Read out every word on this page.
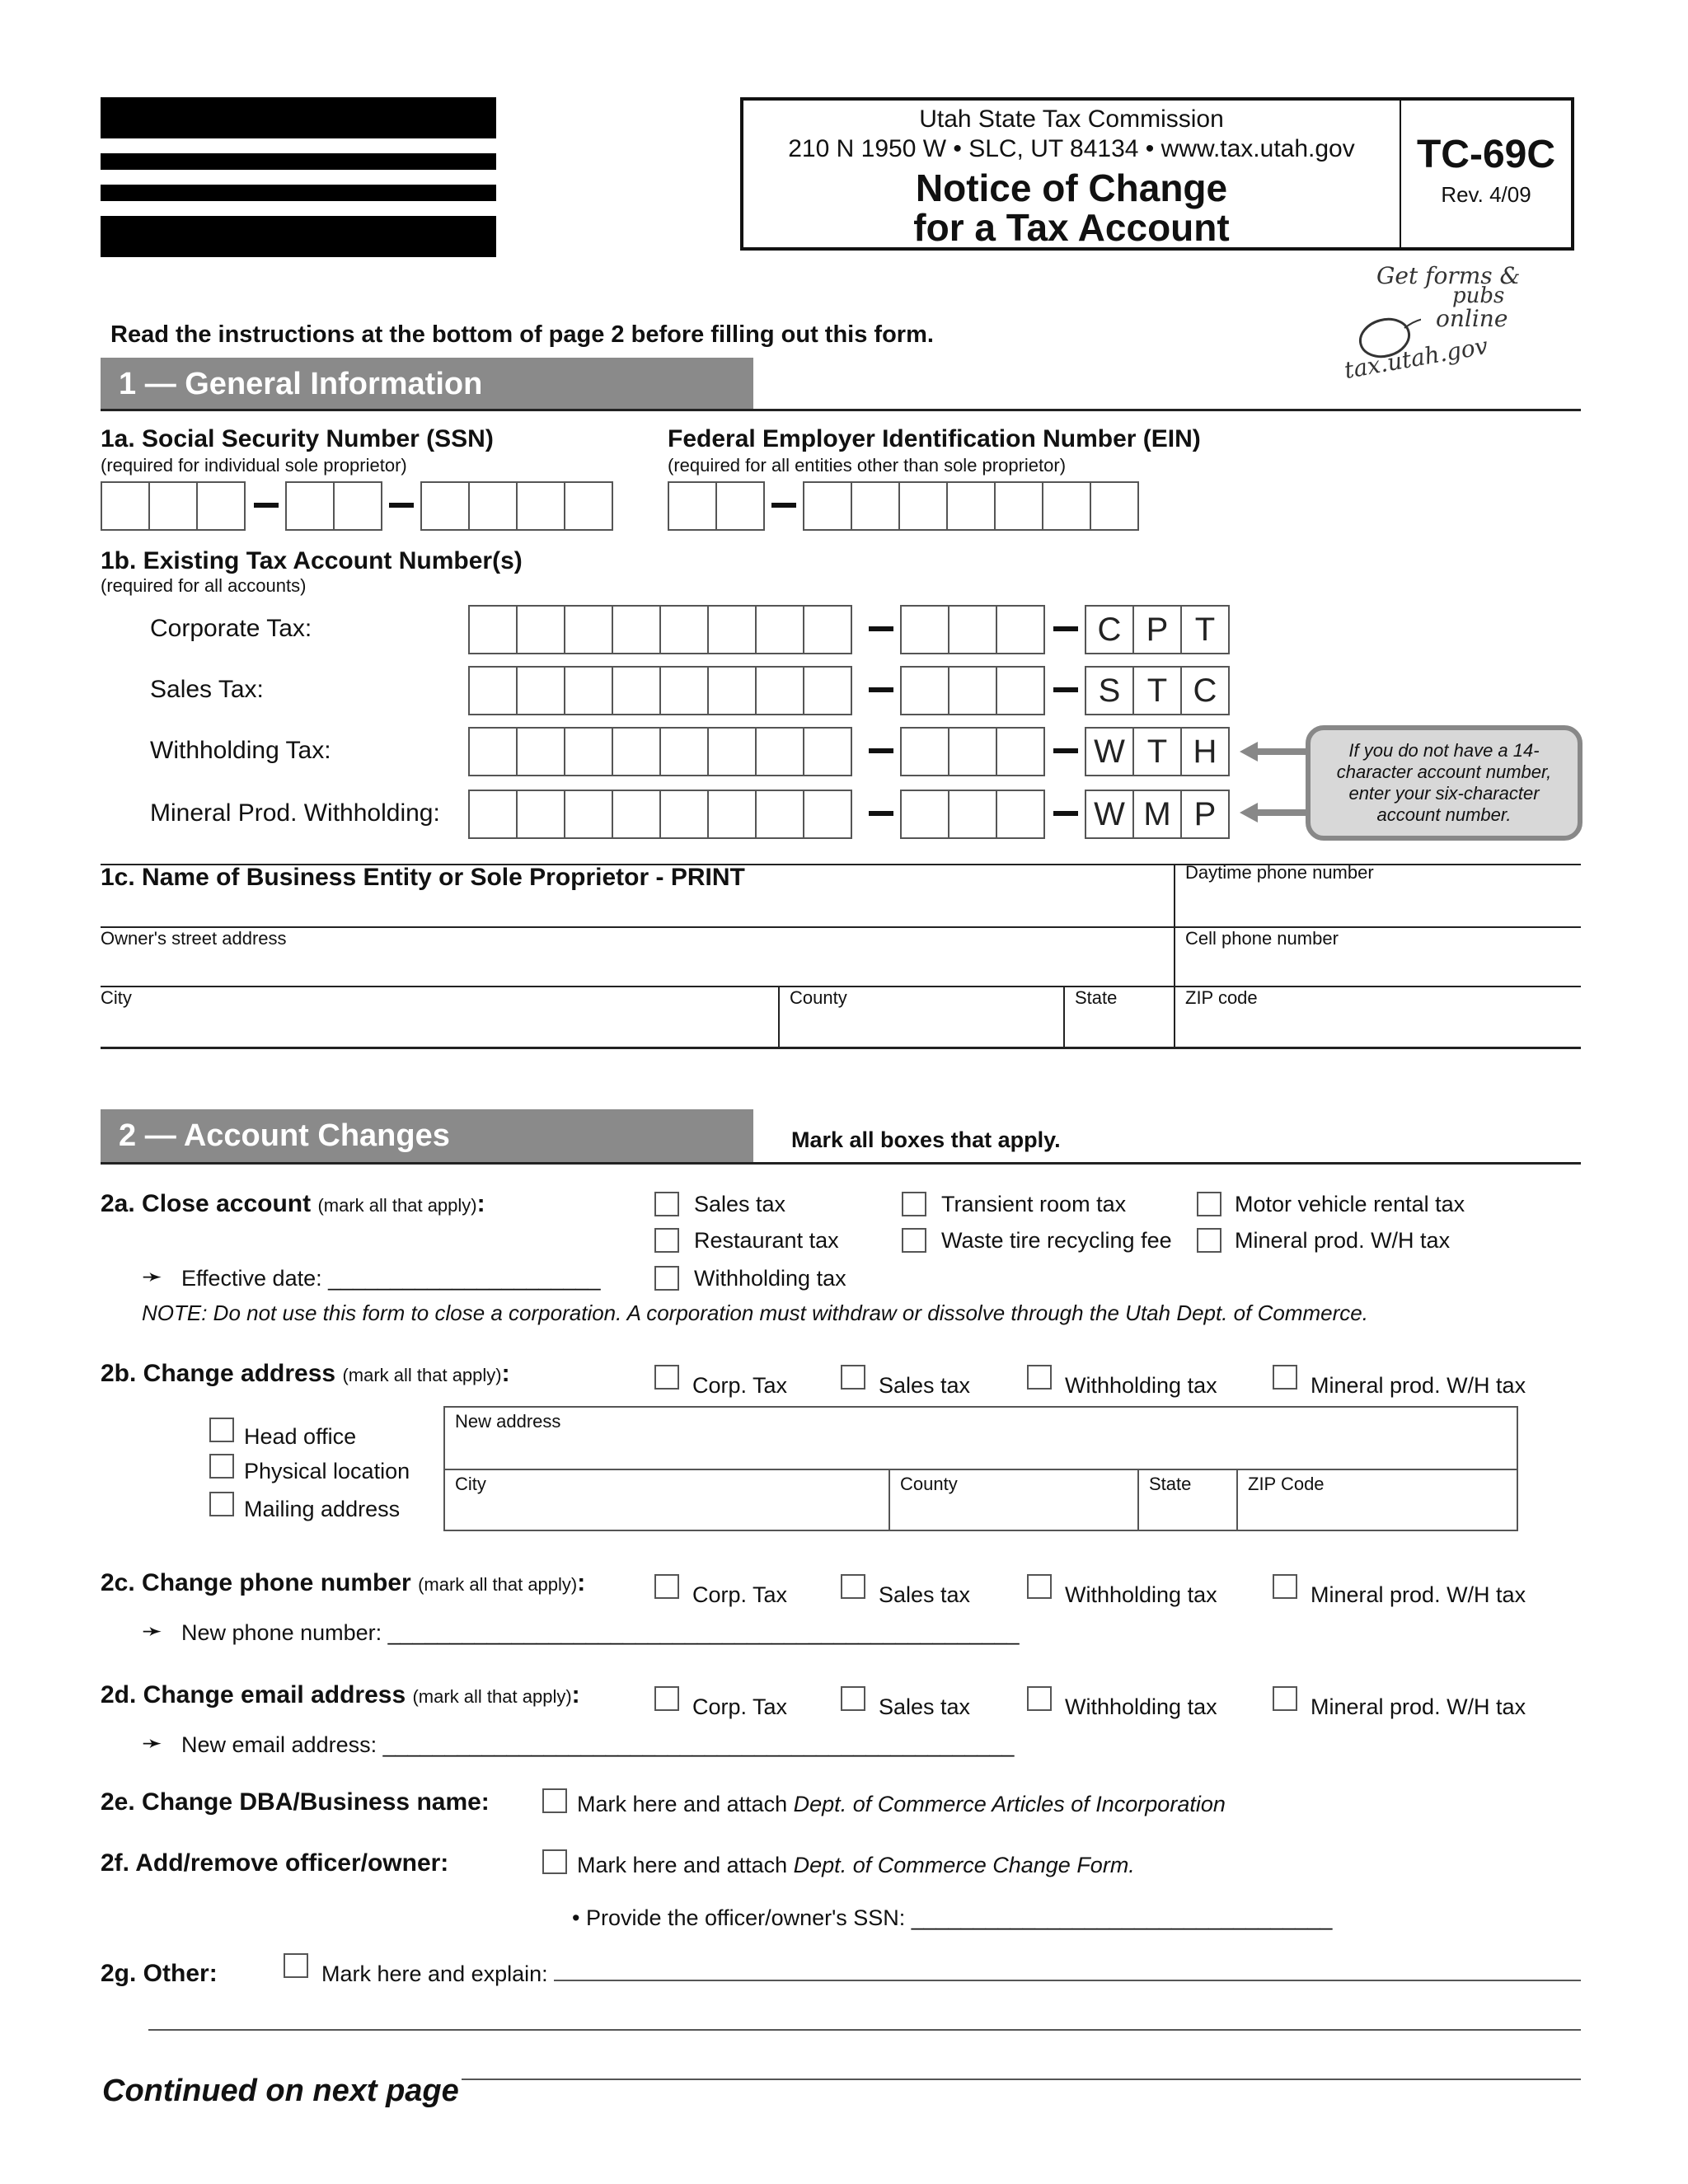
Utah State Tax Commission
210 N 1950 W • SLC, UT 84134 • www.tax.utah.gov
Notice of Change
for a Tax Account
TC-69C
Rev. 4/09
Get forms &
pubs
online
tax.utah.gov
Read the instructions at the bottom of page 2 before filling out this form.
1 — General Information
1a. Social Security Number (SSN)
(required for individual sole proprietor)
Federal Employer Identification Number (EIN)
(required for all entities other than sole proprietor)
1b. Existing Tax Account Number(s)
(required for all accounts)
Corporate Tax:	C P T
Sales Tax:	S T C
Withholding Tax:	W T H
Mineral Prod. Withholding:	W M P
If you do not have a 14-character account number, enter your six-character account number.
1c. Name of Business Entity or Sole Proprietor - PRINT	Daytime phone number
Owner's street address	Cell phone number
City	County	State	ZIP code
2 — Account Changes	Mark all boxes that apply.
2a. Close account (mark all that apply):	Sales tax	Transient room tax	Motor vehicle rental tax
Restaurant tax	Waste tire recycling fee	Mineral prod. W/H tax
Withholding tax
➛ Effective date: ______________________
NOTE: Do not use this form to close a corporation. A corporation must withdraw or dissolve through the Utah Dept. of Commerce.
2b. Change address (mark all that apply):	Corp. Tax	Sales tax	Withholding tax	Mineral prod. W/H tax
Head office
Physical location
Mailing address
New address
City	County	State	ZIP Code
2c. Change phone number (mark all that apply):	Corp. Tax	Sales tax	Withholding tax	Mineral prod. W/H tax
➛ New phone number: ___________________________________________________
2d. Change email address (mark all that apply):	Corp. Tax	Sales tax	Withholding tax	Mineral prod. W/H tax
➛ New email address: ___________________________________________________
2e. Change DBA/Business name:	Mark here and attach Dept. of Commerce Articles of Incorporation
2f. Add/remove officer/owner:	Mark here and attach Dept. of Commerce Change Form.
• Provide the officer/owner's SSN: __________________________________
2g. Other:	Mark here and explain:
Continued on next page
